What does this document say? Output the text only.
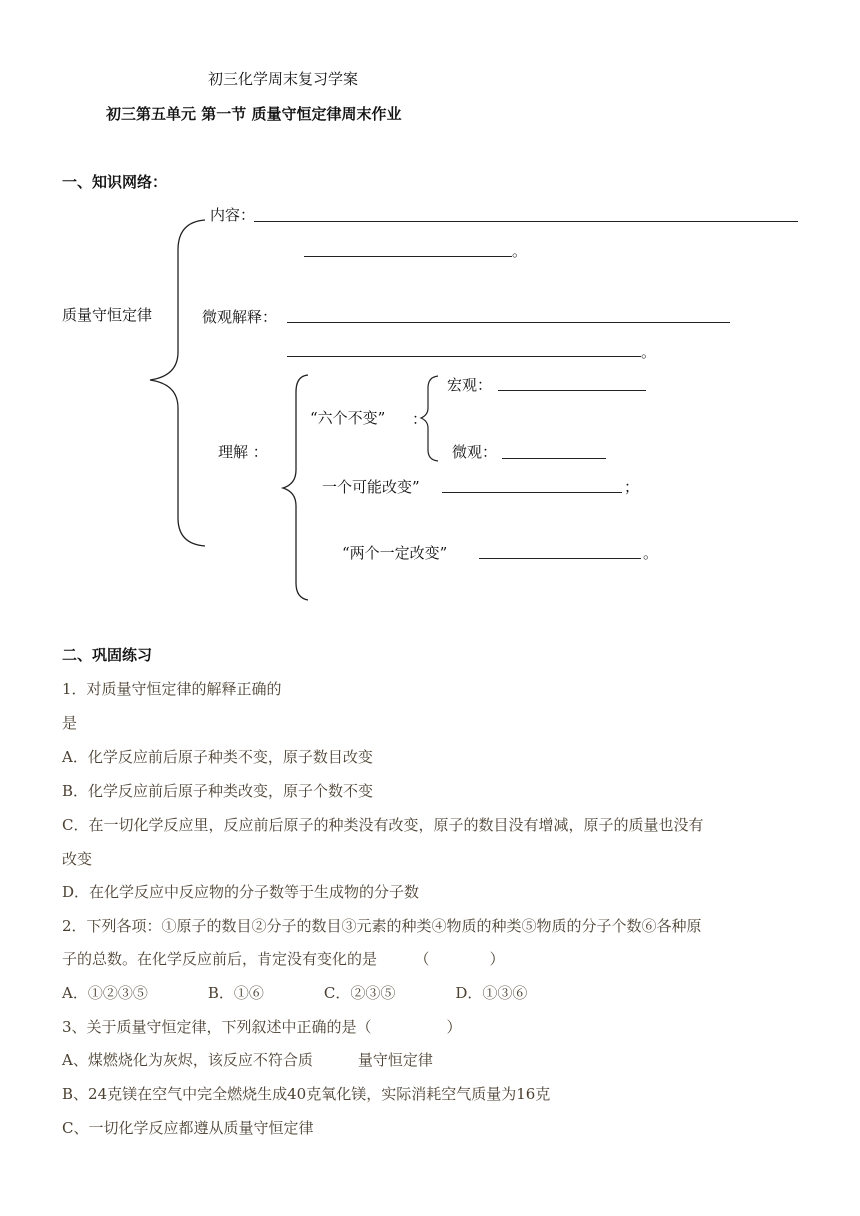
初三化学周末复习学案
初三第五单元 第一节 质量守恒定律周末作业
一、知识网络：
质量守恒定律
内容：
。
微观解释：
。
理解 ：
“六个不变” ：
宏观：
微观：
一个可能改变”	；
“两个一定改变”	。
二、巩固练习
1．对质量守恒定律的解释正确的
是
A．化学反应前后原子种类不变，原子数目改变
B．化学反应前后原子种类改变，原子个数不变
C．在一切化学反应里，反应前后原子的种类没有改变，原子的数目没有增减，原子的质量也没有
改变
D．在化学反应中反应物的分子数等于生成物的分子数
2．下列各项：①原子的数目②分子的数目③元素的种类④物质的种类⑤物质的分子个数⑥各种原
子的总数。在化学反应前后，肯定没有变化的是　　　（　　　　）
A．①②③⑤　　　　B．①⑥　　　　C．②③⑤　　　　D．①③⑥
3、关于质量守恒定律，下列叙述中正确的是（　　　　　）
A、煤燃烧化为灰烬，该反应不符合质　　　量守恒定律
B、24克镁在空气中完全燃烧生成40克氧化镁，实际消耗空气质量为16克
C、一切化学反应都遵从质量守恒定律
